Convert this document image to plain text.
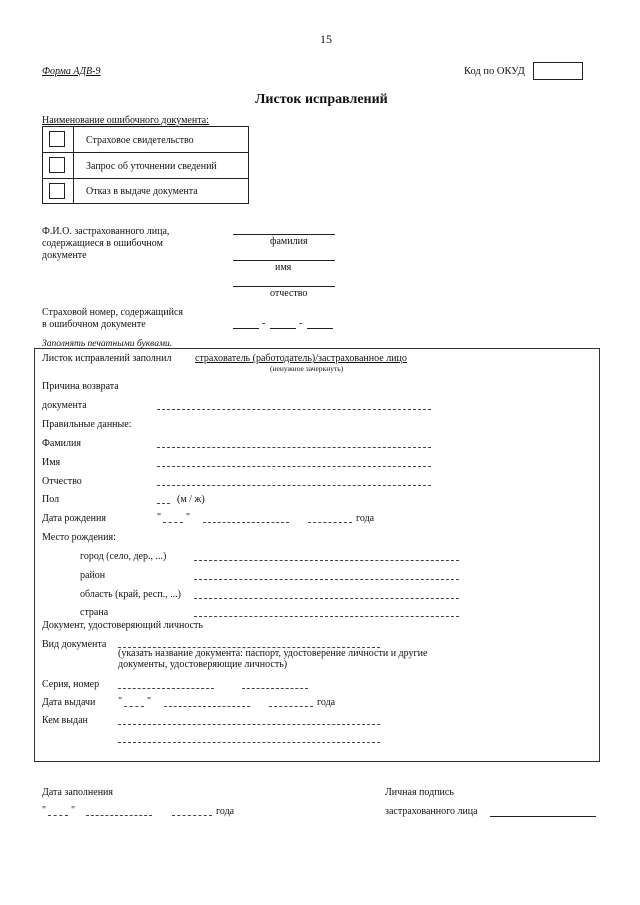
15
Форма АДВ-9	Код по ОКУД
Листок исправлений
Наименование ошибочного документа:
Страховое свидетельство
Запрос об уточнении сведений
Отказ в выдаче документа
Ф.И.О. застрахованного лица,
содержащиеся в ошибочном
документе
фамилия
имя
отчество
Страховой номер, содержащийся
в ошибочном документе	-	-
Заполнять печатными буквами.
Листок исправлений заполнил страхователь (работодатель)/застрахованное лицо
(ненужное зачеркнуть)
Причина возврата
документа
Правильные данные:
Фамилия
Имя
Отчество
Пол	(м / ж)
Дата рождения	" "	года
Место рождения:
город (село, дер., ...)
район
область (край, респ., ...)
страна
Документ, удостоверяющий личность
Вид документа
(указать название документа: паспорт, удостоверение личности и другие
документы, удостоверяющие личность)
Серия, номер
Дата выдачи " "	года
Кем выдан
Дата заполнения
" "	года
Личная подпись
застрахованного лица
